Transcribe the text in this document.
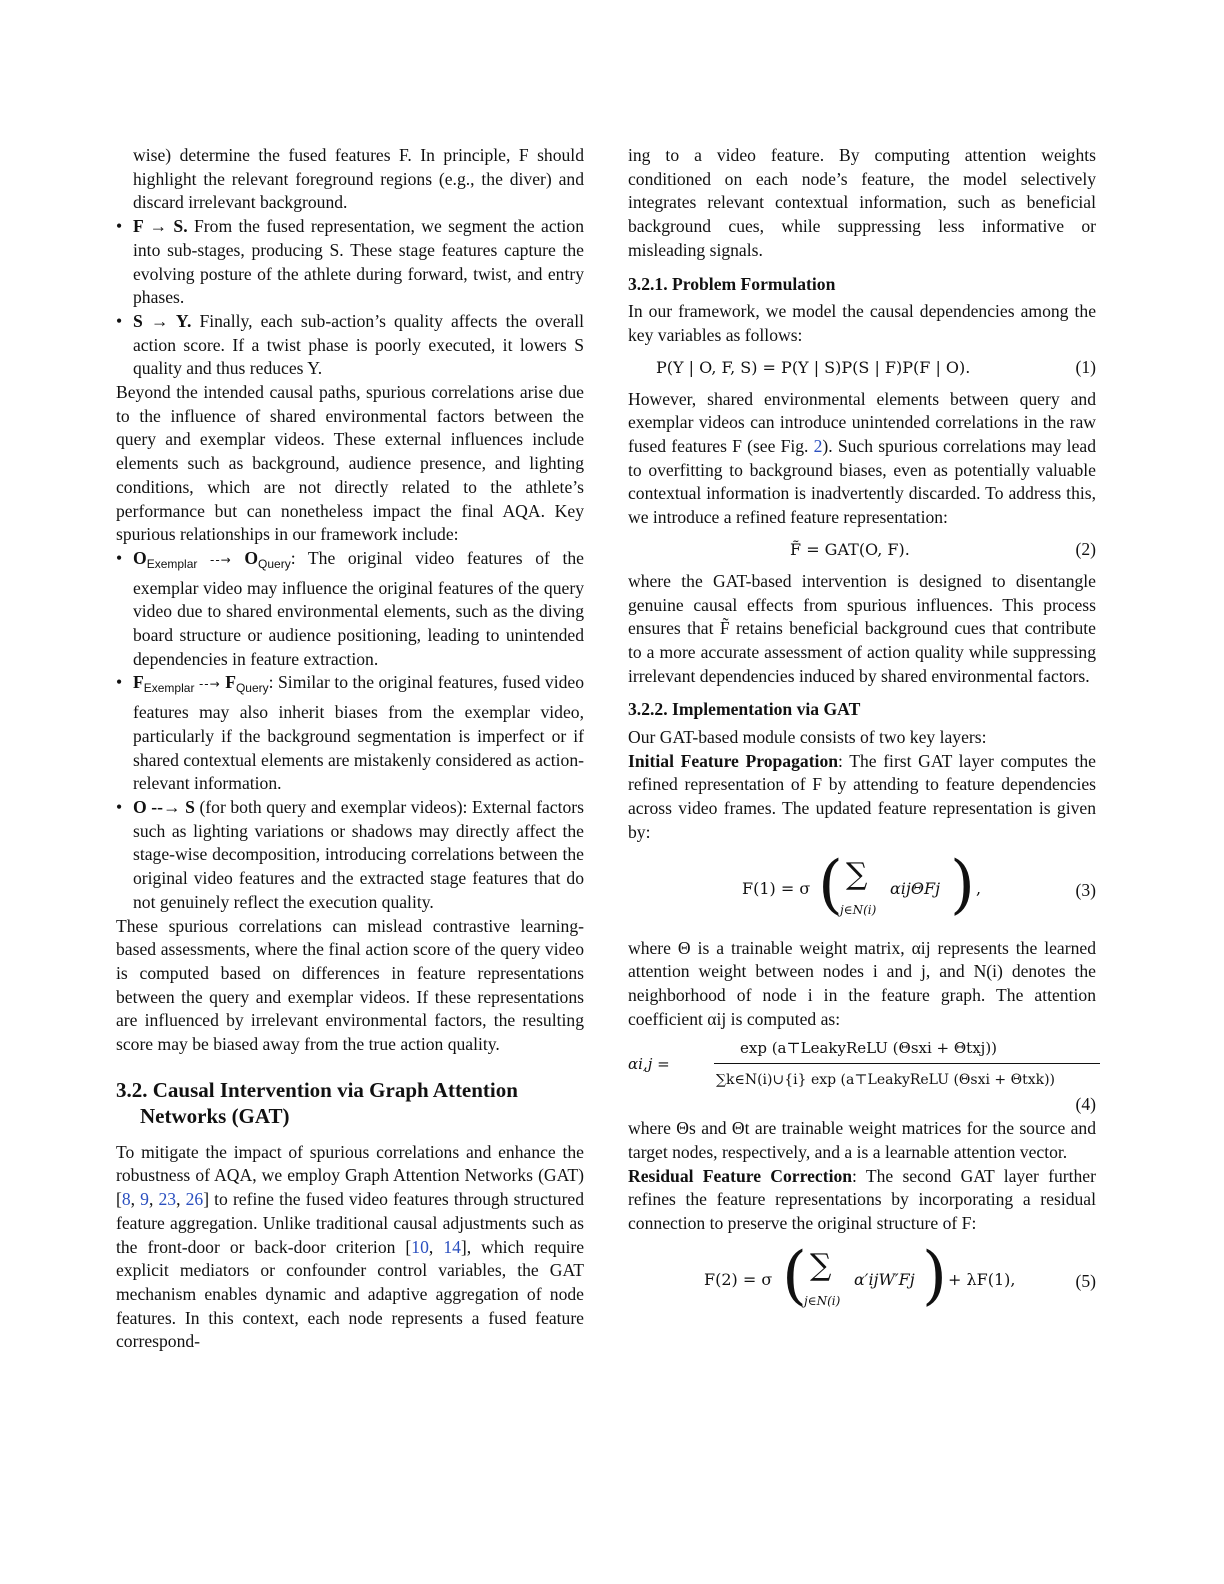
wise) determine the fused features F. In principle, F should highlight the relevant foreground regions (e.g., the diver) and discard irrelevant background.

• F → S. From the fused representation, we segment the action into sub-stages, producing S. These stage features capture the evolving posture of the athlete during forward, twist, and entry phases.
• S → Y. Finally, each sub-action’s quality affects the overall action score. If a twist phase is poorly executed, it lowers S quality and thus reduces Y.

Beyond the intended causal paths, spurious correlations arise due to the influence of shared environmental factors between the query and exemplar videos. These external influences include elements such as background, audience presence, and lighting conditions, which are not directly related to the athlete’s performance but can nonetheless impact the final AQA. Key spurious relationships in our framework include:

• $O_{Exemplar}$ --→ $O_{Query}$: The original video features of the exemplar video may influence the original features of the query video due to shared environmental elements, such as the diving board structure or audience positioning, leading to unintended dependencies in feature extraction.
• $F_{Exemplar}$ --→ $F_{Query}$: Similar to the original features, fused video features may also inherit biases from the exemplar video, particularly if the background segmentation is imperfect or if shared contextual elements are mistakenly considered as action-relevant information.
• O --→ S (for both query and exemplar videos): External factors such as lighting variations or shadows may directly affect the stage-wise decomposition, introducing correlations between the original video features and the extracted stage features that do not genuinely reflect the execution quality.

These spurious correlations can mislead contrastive learning-based assessments, where the final action score of the query video is computed based on differences in feature representations between the query and exemplar videos. If these representations are influenced by irrelevant environmental factors, the resulting score may be biased away from the true action quality.

3.2. Causal Intervention via Graph Attention Networks (GAT)

To mitigate the impact of spurious correlations and enhance the robustness of AQA, we employ Graph Attention Networks (GAT) [8, 9, 23, 26] to refine the fused video features through structured feature aggregation. Unlike traditional causal adjustments such as the front-door or back-door criterion [10, 14], which require explicit mediators or confounder control variables, the GAT mechanism enables dynamic and adaptive aggregation of node features. In this context, each node represents a fused feature correspond-

ing to a video feature. By computing attention weights conditioned on each node’s feature, the model selectively integrates relevant contextual information, such as beneficial background cues, while suppressing less informative or misleading signals.

3.2.1. Problem Formulation

In our framework, we model the causal dependencies among the key variables as follows:

P(Y | O, F, S) = P(Y | S)P(S | F)P(F | O).	(1)

However, shared environmental elements between query and exemplar videos can introduce unintended correlations in the raw fused features F (see Fig. 2). Such spurious correlations may lead to overfitting to background biases, even as potentially valuable contextual information is inadvertently discarded. To address this, we introduce a refined feature representation:

F̃ = GAT(O, F).	(2)

where the GAT-based intervention is designed to disentangle genuine causal effects from spurious influences. This process ensures that F̃ retains beneficial background cues that contribute to a more accurate assessment of action quality while suppressing irrelevant dependencies induced by shared environmental factors.

3.2.2. Implementation via GAT

Our GAT-based module consists of two key layers:

Initial Feature Propagation: The first GAT layer computes the refined representation of F by attending to feature dependencies across video frames. The updated feature representation is given by:

F(1) = σ ( ∑
j∈N(i)
αijΘFj ) ,	(3)

where Θ is a trainable weight matrix, αij represents the learned attention weight between nodes i and j, and N(i) denotes the neighborhood of node i in the feature graph. The attention coefficient αij is computed as:

αi,j =
exp (a⊤LeakyReLU (Θsxi + Θtxj))
∑k∈N(i)∪{i} exp (a⊤LeakyReLU (Θsxi + Θtxk))
(4)

where Θs and Θt are trainable weight matrices for the source and target nodes, respectively, and a is a learnable attention vector.

Residual Feature Correction: The second GAT layer further refines the feature representations by incorporating a residual connection to preserve the original structure of F:

F(2) = σ ( ∑
j∈N(i)
α′ijW′Fj ) + λF(1),	(5)
